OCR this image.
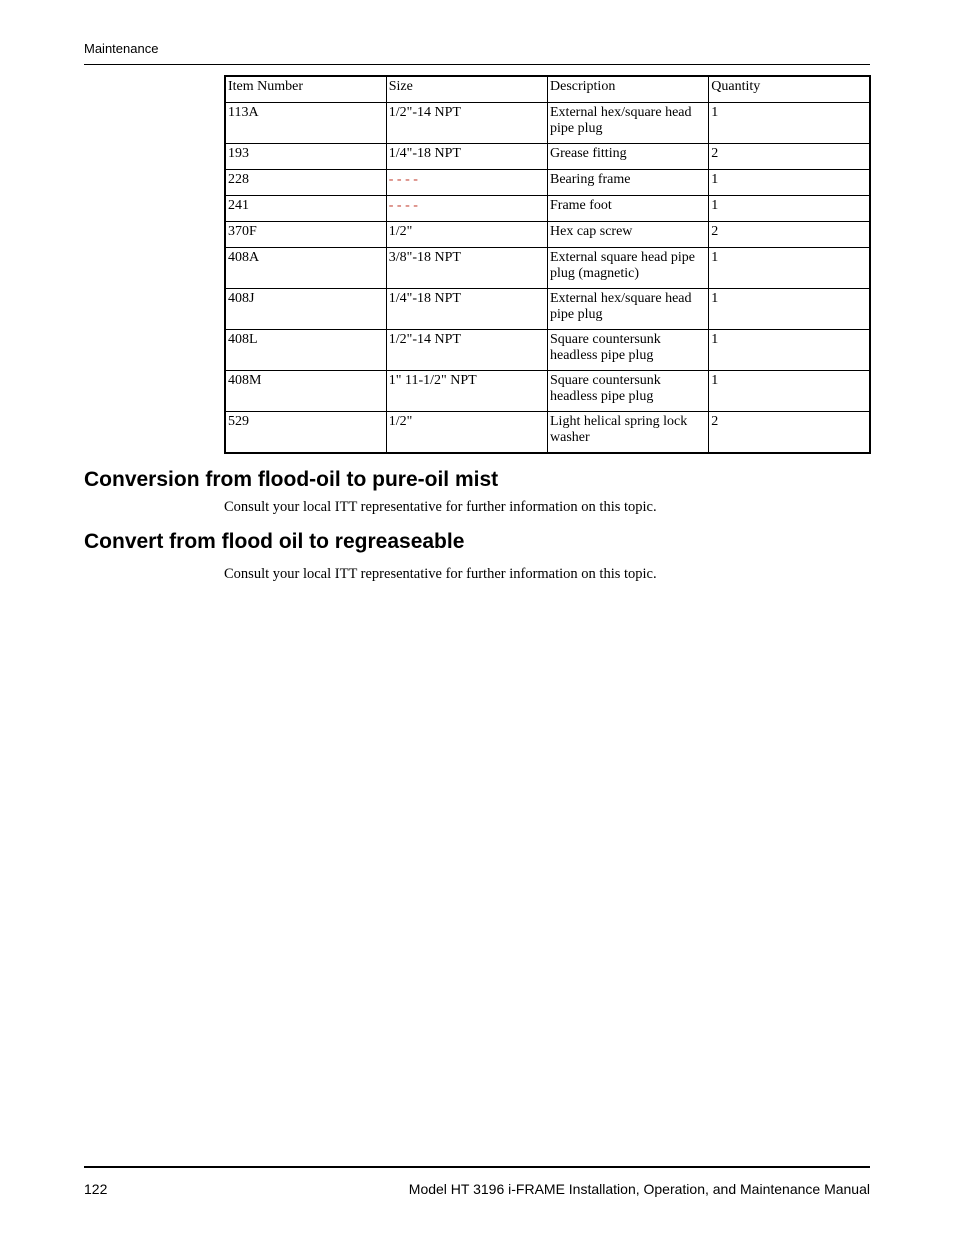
Maintenance
Item Number	Size	Description	Quantity
113A	1/2"-14 NPT	External hex/square head pipe plug	1
193	1/4"-18 NPT	Grease fitting	2
228	- - - -	Bearing frame	1
241	- - - -	Frame foot	1
370F	1/2"	Hex cap screw	2
408A	3/8"-18 NPT	External square head pipe plug (magnetic)	1
408J	1/4"-18 NPT	External hex/square head pipe plug	1
408L	1/2"-14 NPT	Square countersunk headless pipe plug	1
408M	1" 11-1/2" NPT	Square countersunk headless pipe plug	1
529	1/2"	Light helical spring lock washer	2
Conversion from flood-oil to pure-oil mist

Consult your local ITT representative for further information on this topic.

Convert from flood oil to regreaseable

Consult your local ITT representative for further information on this topic.

122	Model HT 3196 i-FRAME Installation, Operation, and Maintenance Manual
